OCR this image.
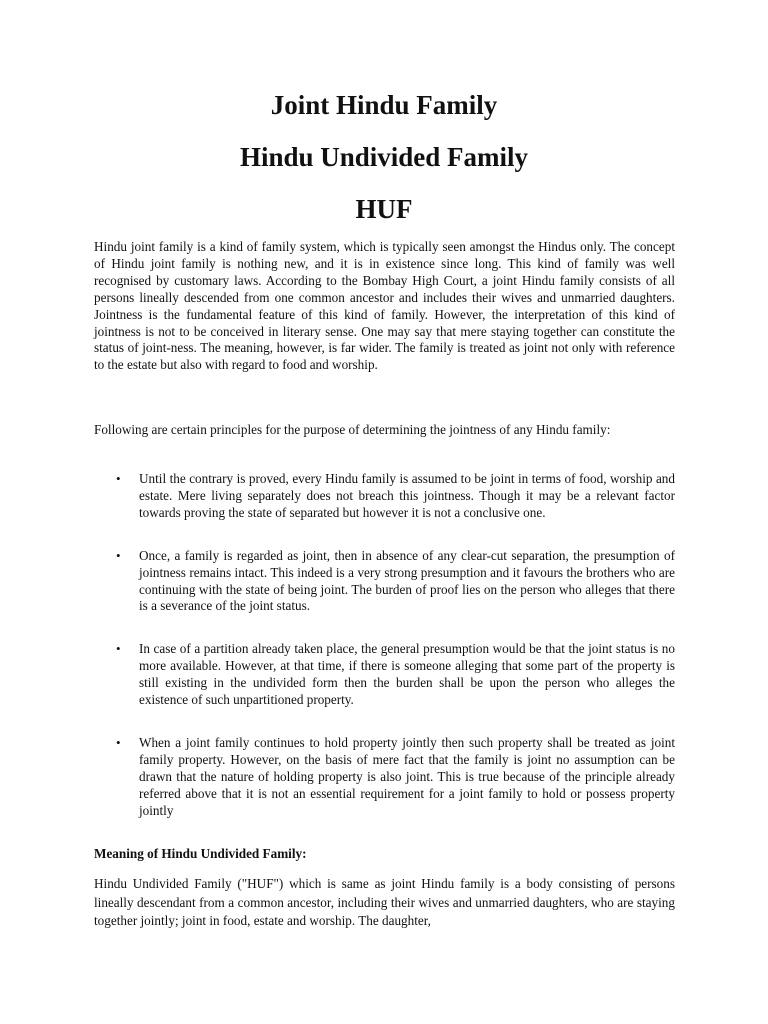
Joint Hindu Family
Hindu Undivided Family
HUF

Hindu joint family is a kind of family system, which is typically seen amongst the Hindus only. The concept of Hindu joint family is nothing new, and it is in existence since long. This kind of family was well recognised by customary laws. According to the Bombay High Court, a joint Hindu family consists of all persons lineally descended from one common ancestor and includes their wives and unmarried daughters. Jointness is the fundamental feature of this kind of family. However, the interpretation of this kind of jointness is not to be conceived in literary sense. One may say that mere staying together can constitute the status of joint-ness. The meaning, however, is far wider. The family is treated as joint not only with reference to the estate but also with regard to food and worship.

Following are certain principles for the purpose of determining the jointness of any Hindu family:

• Until the contrary is proved, every Hindu family is assumed to be joint in terms of food, worship and estate. Mere living separately does not breach this jointness. Though it may be a relevant factor towards proving the state of separated but however it is not a conclusive one.
• Once, a family is regarded as joint, then in absence of any clear-cut separation, the presumption of jointness remains intact. This indeed is a very strong presumption and it favours the brothers who are continuing with the state of being joint. The burden of proof lies on the person who alleges that there is a severance of the joint status.
• In case of a partition already taken place, the general presumption would be that the joint status is no more available. However, at that time, if there is someone alleging that some part of the property is still existing in the undivided form then the burden shall be upon the person who alleges the existence of such unpartitioned property.
• When a joint family continues to hold property jointly then such property shall be treated as joint family property. However, on the basis of mere fact that the family is joint no assumption can be drawn that the nature of holding property is also joint. This is true because of the principle already referred above that it is not an essential requirement for a joint family to hold or possess property jointly
Meaning of Hindu Undivided Family:

Hindu Undivided Family ("HUF") which is same as joint Hindu family is a body consisting of persons lineally descendant from a common ancestor, including their wives and unmarried daughters, who are staying together jointly; joint in food, estate and worship. The daughter,
